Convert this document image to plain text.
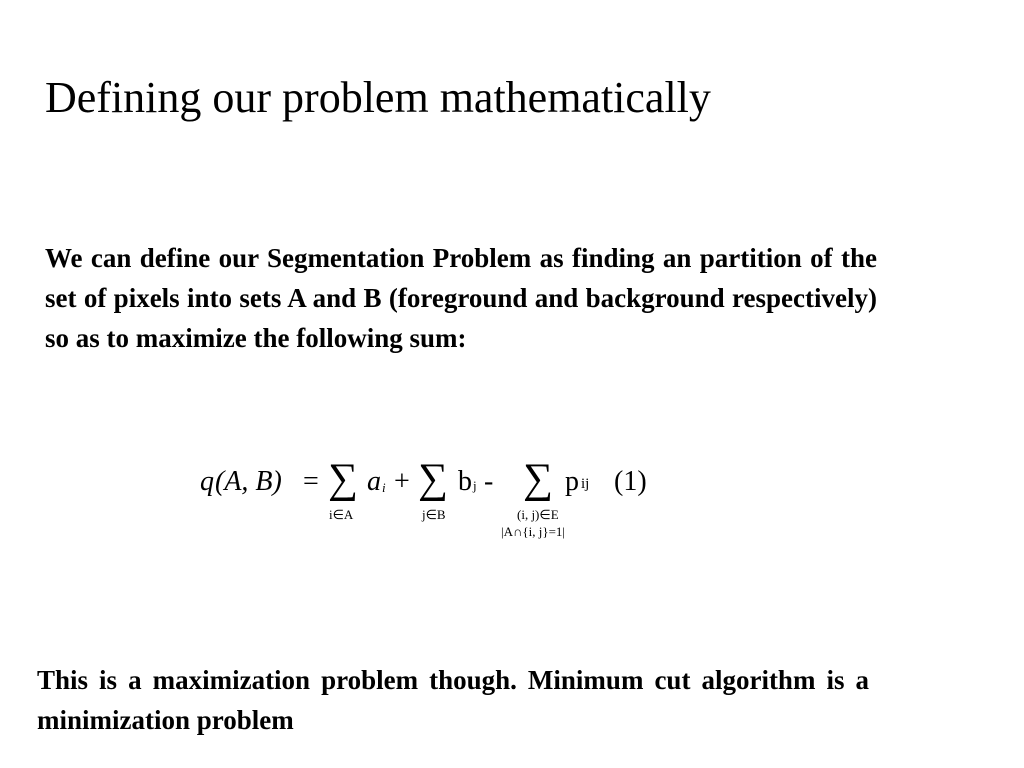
Defining our problem mathematically

We can define our Segmentation Problem as finding an partition of the set of pixels into sets A and B (foreground and background respectively) so as to maximize the following sum:

q (A, B) = ∑ a i + ∑ b j - ∑ p ij (1)
i∈A	j∈B	(i, j)∈E
|A∩{i, j}=1|

This is a maximization problem though. Minimum cut algorithm is a minimization problem
